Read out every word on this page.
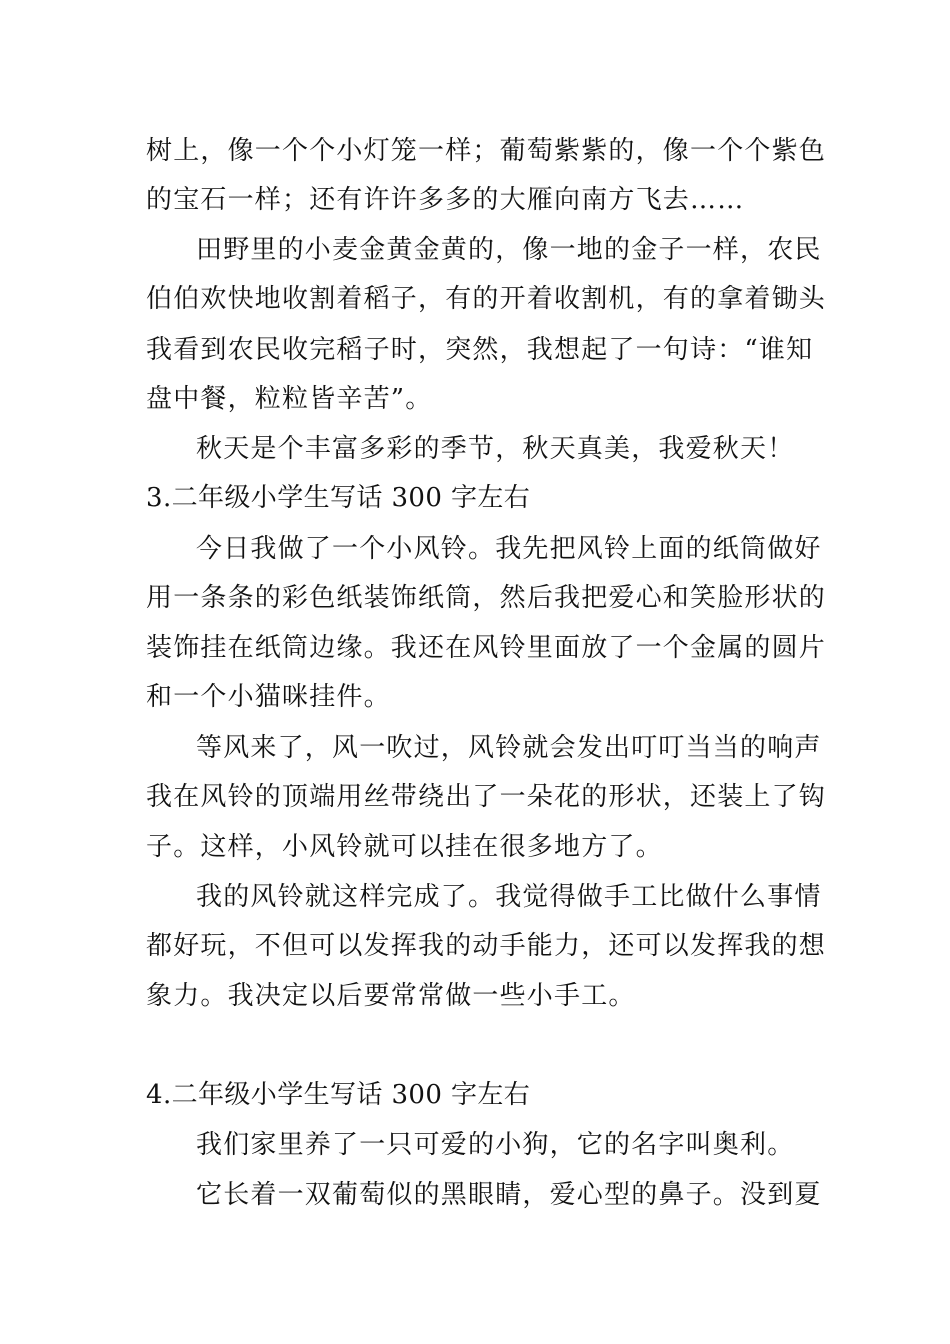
树上，像一个个小灯笼一样；葡萄紫紫的，像一个个紫色
的宝石一样；还有许许多多的大雁向南方飞去……
田野里的小麦金黄金黄的，像一地的金子一样，农民
伯伯欢快地收割着稻子，有的开着收割机，有的拿着锄头
我看到农民收完稻子时，突然，我想起了一句诗：“谁知
盘中餐，粒粒皆辛苦”。
秋天是个丰富多彩的季节，秋天真美，我爱秋天！
3.二年级小学生写话 300 字左右
今日我做了一个小风铃。我先把风铃上面的纸筒做好
用一条条的彩色纸装饰纸筒，然后我把爱心和笑脸形状的
装饰挂在纸筒边缘。我还在风铃里面放了一个金属的圆片
和一个小猫咪挂件。
等风来了，风一吹过，风铃就会发出叮叮当当的响声
我在风铃的顶端用丝带绕出了一朵花的形状，还装上了钩
子。这样，小风铃就可以挂在很多地方了。
我的风铃就这样完成了。我觉得做手工比做什么事情
都好玩，不但可以发挥我的动手能力，还可以发挥我的想
象力。我决定以后要常常做一些小手工。
4.二年级小学生写话 300 字左右
我们家里养了一只可爱的小狗，它的名字叫奥利。
它长着一双葡萄似的黑眼睛，爱心型的鼻子。没到夏
